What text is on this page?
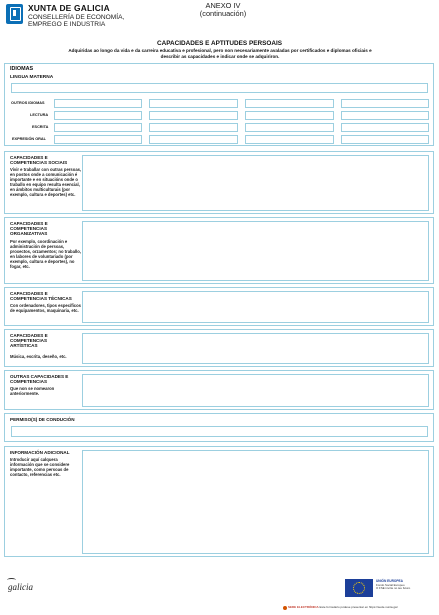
XUNTA DE GALICIA
CONSELLERÍA DE ECONOMÍA,
EMPREGO E INDUSTRIA
ANEXO IV
(continuación)
CAPACIDADES E APTITUDES PERSOAIS
Adquiridas ao longo da vida e da carreira educativa e profesional, pero non necesariamente avaladas por certificados e diplomas oficiais e describir as capacidades e indicar onde se adquiriron.
IDIOMAS
LINGUA MATERNA
OUTROS IDIOMAS
LECTURA
ESCRITA
EXPRESIÓN ORAL
CAPACIDADES E COMPETENCIAS SOCIAIS
Vivir e traballar con outras persoas, en postos onde a comunicación é importante e en situacións onde o traballo en equipo resulta esencial, en ámbitos multiculturais (por exemplo, cultura e deportes) etc.
CAPACIDADES E COMPETENCIAS ORGANIZATIVAS
Por exemplo, coordinación e administración de persoas, proxectos, orzamentos; no traballo, en labores de voluntariado (por exemplo, cultura e deportes), no fogar, etc.
CAPACIDADES E COMPETENCIAS TÉCNICAS
Con ordenadores, tipos específicos de equipamentos, maquinaria, etc.
CAPACIDADES E COMPETENCIAS ARTÍSTICAS
Música, escrita, deseño, etc.
OUTRAS CAPACIDADES E COMPETENCIAS
Que non se nomearon anteriormente.
PERMISO(S) DE CONDUCIÓN
INFORMACIÓN ADICIONAL
Introducir aquí calquera información que se considere importante, como persoas de contacto, referencias etc.
galicia
UNIÓN EUROPEA
Fondo Social Europeo
O FSE invirte no teu futuro
SEDE ELECTRÓNICA Este formulario pódese presentar en https://sede.xunta.gal
